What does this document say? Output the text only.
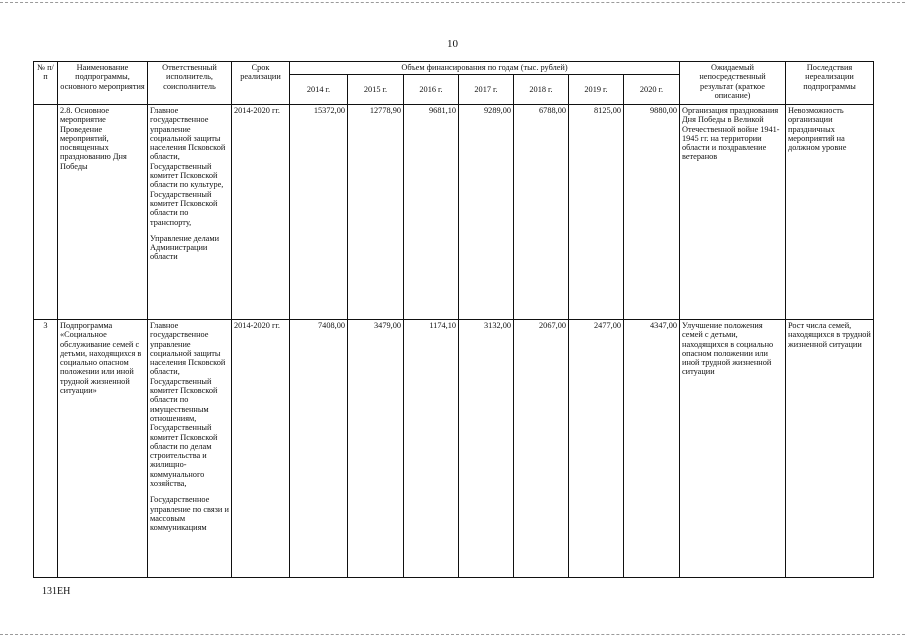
10
№ п/п	Наименование подпрограммы, основного мероприятия	Ответственный исполнитель, соисполнитель	Срок реализации	Объем финансирования по годам (тыс. рублей)							Ожидаемый непосредственный результат (краткое описание)	Последствия нереализации подпрограммы
				2014 г.	2015 г.	2016 г.	2017 г.	2018 г.	2019 г.	2020 г.		
	2.8. Основное мероприятие Проведение мероприятий, посвященных празднованию Дня Победы	Главное государственное управление социальной защиты населения Псковской области,
Государственный комитет Псковской области по культуре,
Государственный комитет Псковской области по транспорту,
Управление делами Администрации области	2014-2020 гг.	15372,00	12778,90	9681,10	9289,00	6788,00	8125,00	9880,00	Организация празднования Дня Победы в Великой Отечественной войне 1941-1945 гг. на территории области и поздравление ветеранов	Невозможность организации праздничных мероприятий на должном уровне
3	Подпрограмма «Социальное обслуживание семей с детьми, находящихся в социально опасном положении или иной трудной жизненной ситуации»	Главное государственное управление социальной защиты населения Псковской области,
Государственный комитет Псковской области по имущественным отношениям,
Государственный комитет Псковской области по делам строительства и жилищно-коммунального хозяйства,
Государственное управление по связи и массовым коммуникациям	2014-2020 гг.	7408,00	3479,00	1174,10	3132,00	2067,00	2477,00	4347,00	Улучшение положения семей с детьми, находящихся в социально опасном положении или иной трудной жизненной ситуации	Рост числа семей, находящихся в трудной жизненной ситуации
131ЕН
